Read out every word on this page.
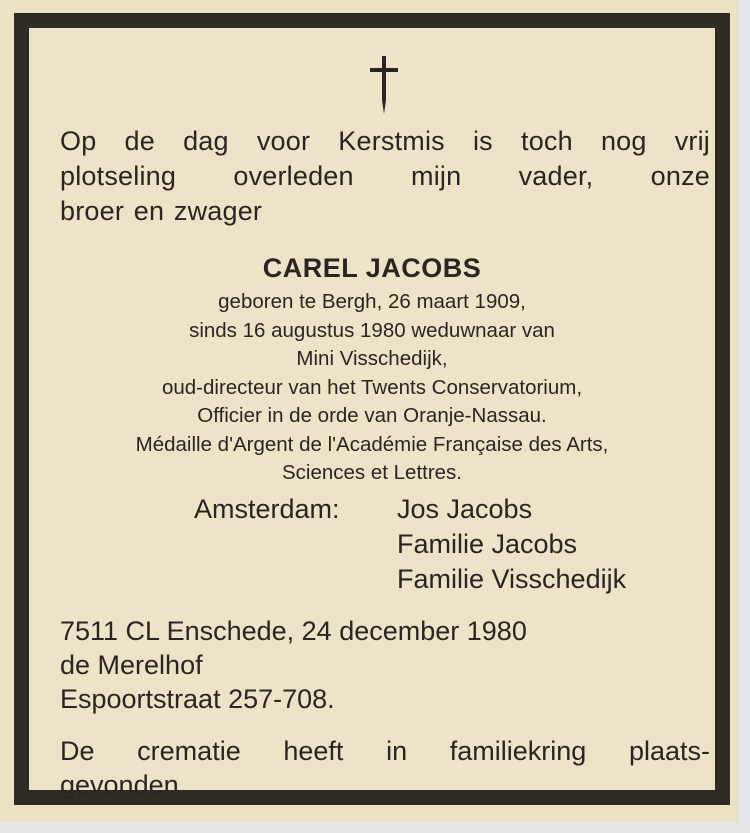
Op de dag voor Kerstmis is toch nog vrij
plotseling overleden mijn vader, onze
broer en zwager
CAREL JACOBS
geboren te Bergh, 26 maart 1909,
sinds 16 augustus 1980 weduwnaar van
Mini Visschedijk,
oud-directeur van het Twents Conservatorium,
Officier in de orde van Oranje-Nassau.
Médaille d'Argent de l'Académie Française des Arts,
Sciences et Lettres.
Amsterdam: Jos Jacobs
Familie Jacobs
Familie Visschedijk
7511 CL Enschede, 24 december 1980
de Merelhof
Espoortstraat 257-708.
De crematie heeft in familiekring plaats-
gevonden.
